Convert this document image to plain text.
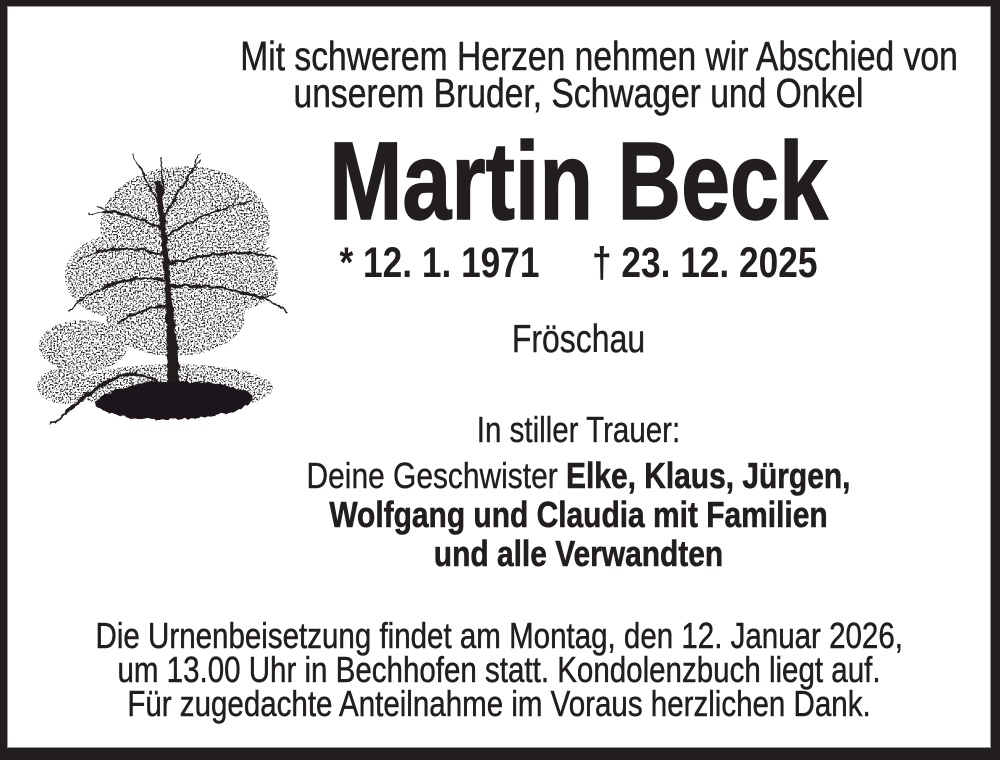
Mit schwerem Herzen nehmen wir Abschied von
unserem Bruder, Schwager und Onkel
Martin Beck
* 12. 1. 1971 † 23. 12. 2025
Fröschau
In stiller Trauer:
Deine Geschwister Elke, Klaus, Jürgen,
Wolfgang und Claudia mit Familien
und alle Verwandten
Die Urnenbeisetzung findet am Montag, den 12. Januar 2026,
um 13.00 Uhr in Bechhofen statt. Kondolenzbuch liegt auf.
Für zugedachte Anteilnahme im Voraus herzlichen Dank.
